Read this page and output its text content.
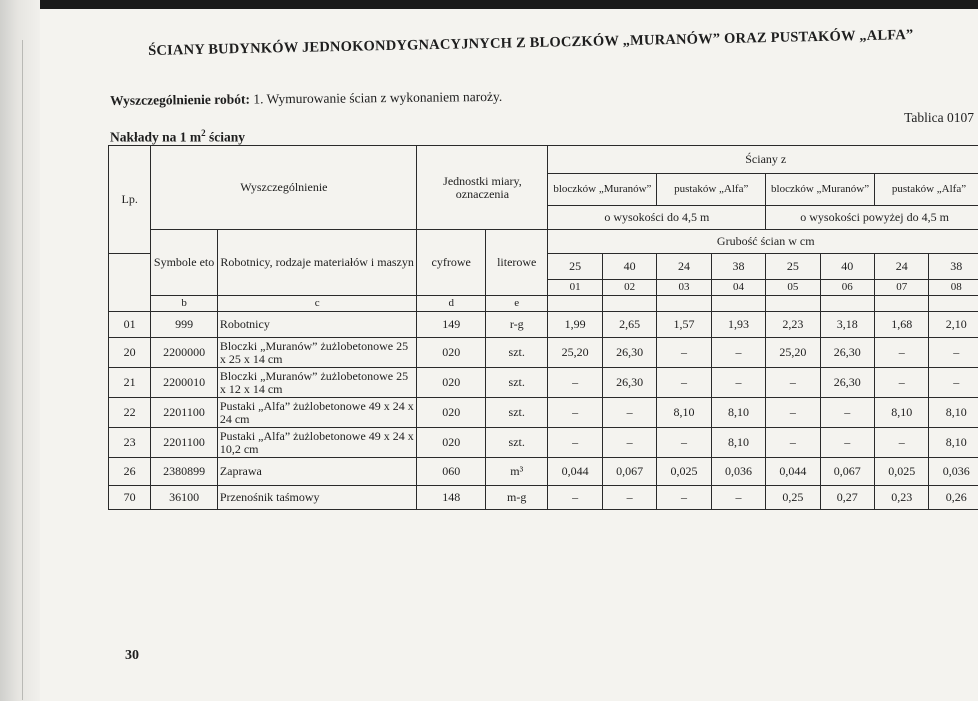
ŚCIANY BUDYNKÓW JEDNOKONDYGNACYJNYCH Z BLOCZKÓW „MURANÓW” ORAZ PUSTAKÓW „ALFA”
Wyszczególnienie robót: 1. Wymurowanie ścian z wykonaniem naroży.
Tablica 0107
Nakłady na 1 $m^2$ ściany
Lp.	Wyszczególnienie		Jednostki miary, oznaczenia		Ściany z							
					bloczków „Muranów”		pustaków „Alfa”		bloczków „Muranów”		pustaków „Alfa”	
					o wysokości do 4,5 m				o wysokości powyżej do 4,5 m			
	Symbole eto	Robotnicy, rodzaje materiałów i maszyn	cyfrowe	literowe	Grubość ścian w cm							
					25	40	24	38	25	40	24	38
					01	02	03	04	05	06	07	08
	b	c	d	e								
01	999	Robotnicy	149	r-g	1,99	2,65	1,57	1,93	2,23	3,18	1,68	2,10
20	2200000	Bloczki „Muranów” żużlobetonowe 25 x 25 x 14 cm	020	szt.	25,20	26,30	–	–	25,20	26,30	–	–
21	2200010	Bloczki „Muranów” żużlobetonowe 25 x 12 x 14 cm	020	szt.	–	26,30	–	–	–	26,30	–	–
22	2201100	Pustaki „Alfa” żużlobetonowe 49 x 24 x 24 cm	020	szt.	–	–	8,10	8,10	–	–	8,10	8,10
23	2201100	Pustaki „Alfa” żużlobetonowe 49 x 24 x 10,2 cm	020	szt.	–	–	–	8,10	–	–	–	8,10
26	2380899	Zaprawa	060	m³	0,044	0,067	0,025	0,036	0,044	0,067	0,025	0,036
70	36100	Przenośnik taśmowy	148	m-g	–	–	–	–	0,25	0,27	0,23	0,26
30
